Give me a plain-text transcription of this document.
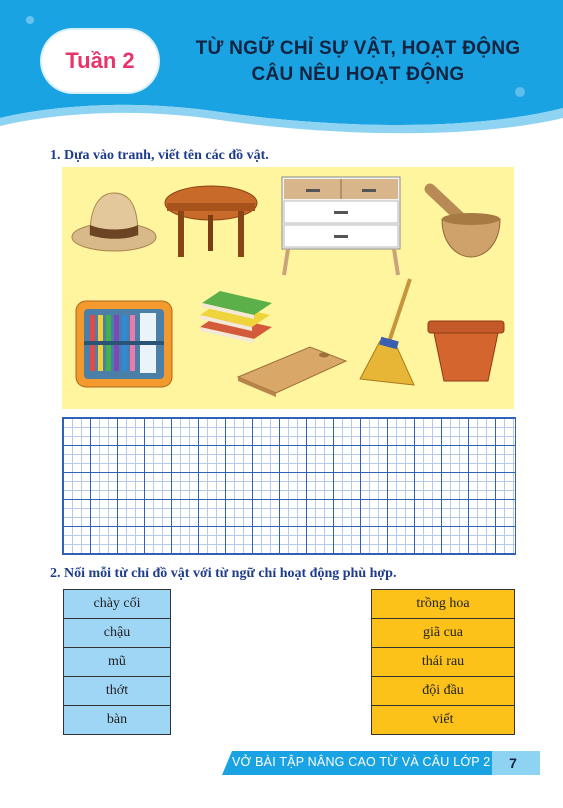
Tuần 2	TỪ NGỮ CHỈ SỰ VẬT, HOẠT ĐỘNG
CÂU NÊU HOẠT ĐỘNG
1. Dựa vào tranh, viết tên các đồ vật.
2. Nối mỗi từ chỉ đồ vật với từ ngữ chỉ hoạt động phù hợp.
chày cối
chậu
mũ
thớt
bàn
trồng hoa
giã cua
thái rau
đội đầu
viết
VỞ BÀI TẬP NÂNG CAO TỪ VÀ CÂU LỚP 2	7
